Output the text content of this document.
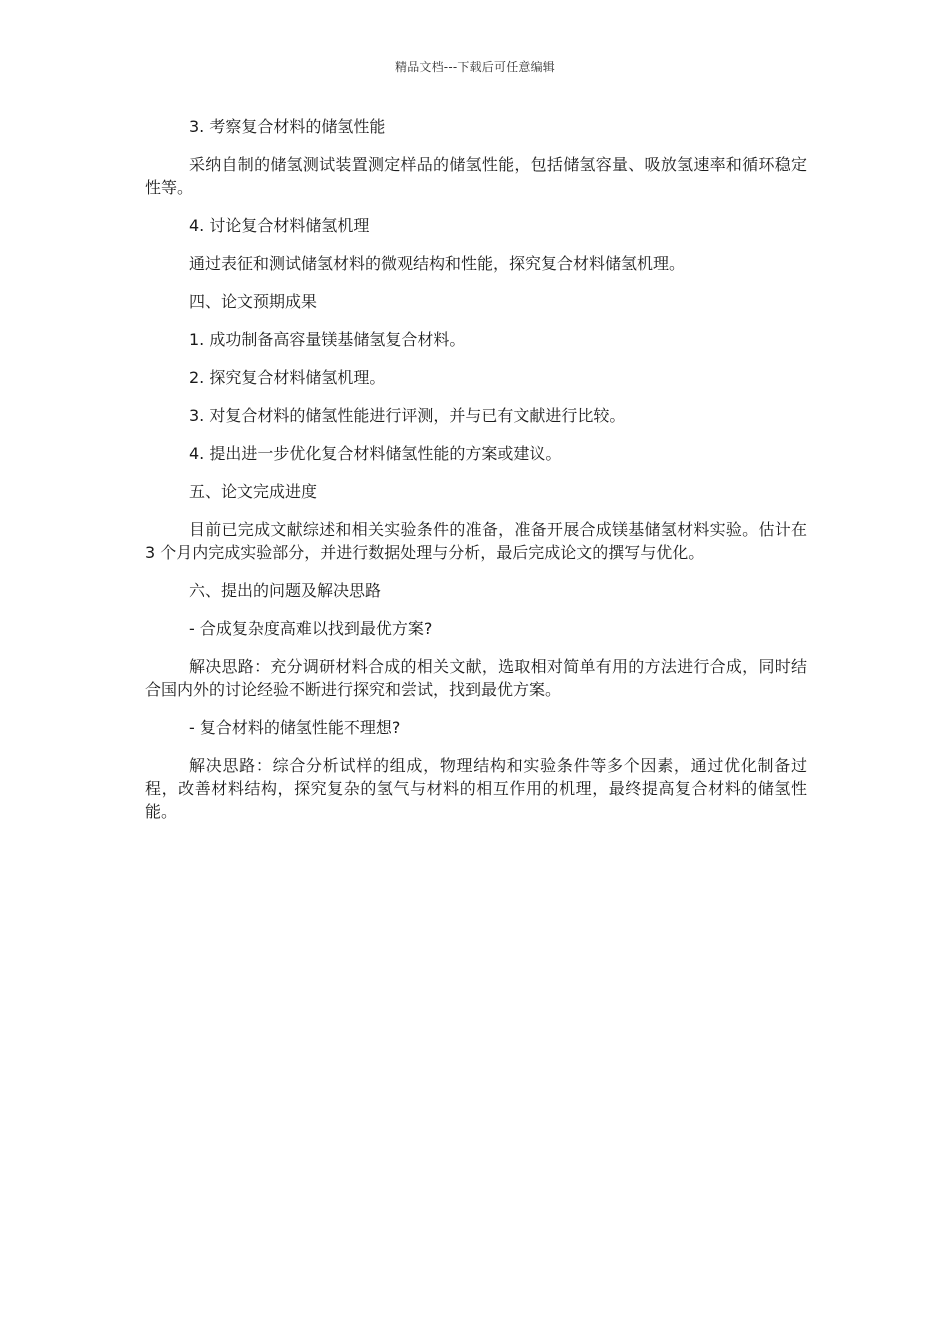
精品文档---下载后可任意编辑

3. 考察复合材料的储氢性能

采纳自制的储氢测试装置测定样品的储氢性能，包括储氢容量、吸放氢速率和循环稳定性等。

4. 讨论复合材料储氢机理

通过表征和测试储氢材料的微观结构和性能，探究复合材料储氢机理。

四、论文预期成果

1. 成功制备高容量镁基储氢复合材料。

2. 探究复合材料储氢机理。

3. 对复合材料的储氢性能进行评测，并与已有文献进行比较。

4. 提出进一步优化复合材料储氢性能的方案或建议。

五、论文完成进度

目前已完成文献综述和相关实验条件的准备，准备开展合成镁基储氢材料实验。估计在 3 个月内完成实验部分，并进行数据处理与分析，最后完成论文的撰写与优化。

六、提出的问题及解决思路

- 合成复杂度高难以找到最优方案?

解决思路：充分调研材料合成的相关文献，选取相对简单有用的方法进行合成，同时结合国内外的讨论经验不断进行探究和尝试，找到最优方案。

- 复合材料的储氢性能不理想?

解决思路：综合分析试样的组成，物理结构和实验条件等多个因素，通过优化制备过程，改善材料结构，探究复杂的氢气与材料的相互作用的机理，最终提高复合材料的储氢性能。
